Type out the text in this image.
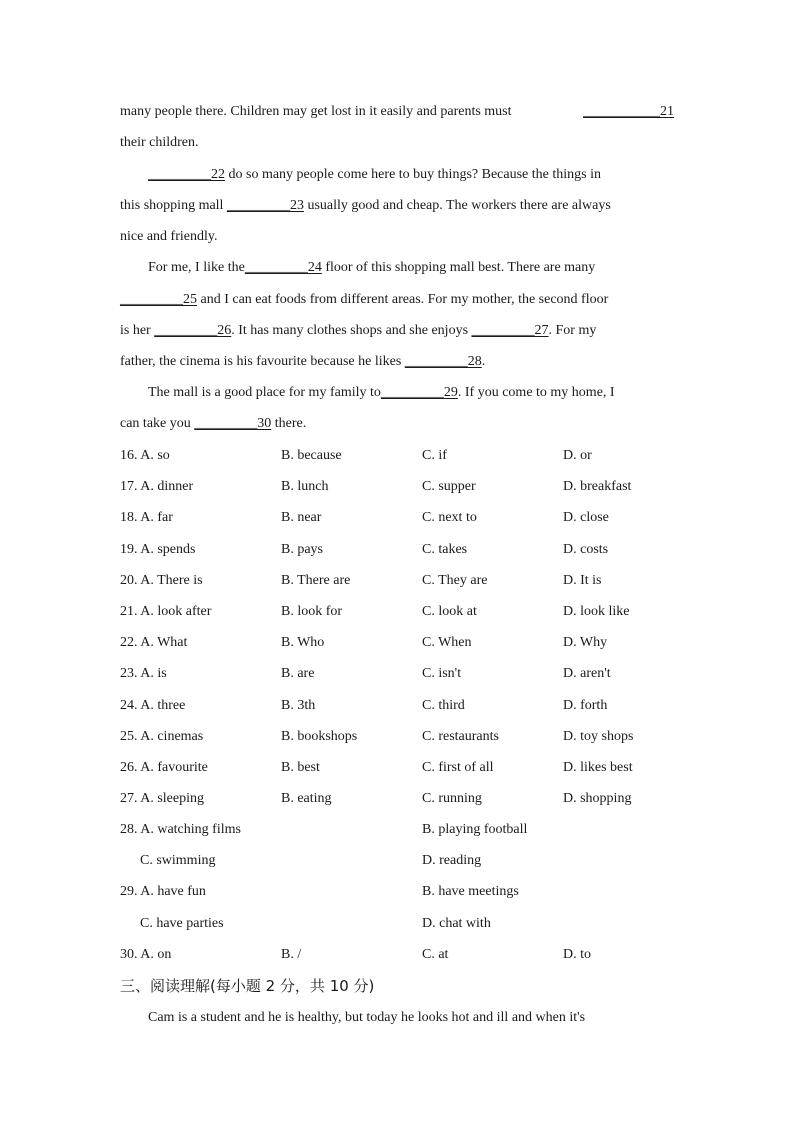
many people there. Children may get lost in it easily and parents must	___________21
their children.
_________22 do so many people come here to buy things? Because the things in
this shopping mall _________23 usually good and cheap. The workers there are always
nice and friendly.
For me, I like the_________24 floor of this shopping mall best. There are many
_________25 and I can eat foods from different areas. For my mother, the second floor
is her _________26. It has many clothes shops and she enjoys _________27. For my
father, the cinema is his favourite because he likes _________28.
The mall is a good place for my family to_________29. If you come to my home, I
can take you _________30 there.
16. A. so	B. because	C. if	D. or
17. A. dinner	B. lunch	C. supper	D. breakfast
18. A. far	B. near	C. next to	D. close
19. A. spends	B. pays	C. takes	D. costs
20. A. There is	B. There are	C. They are	D. It is
21. A. look after	B. look for	C. look at	D. look like
22. A. What	B. Who	C. When	D. Why
23. A. is	B. are	C. isn't	D. aren't
24. A. three	B. 3th	C. third	D. forth
25. A. cinemas	B. bookshops	C. restaurants	D. toy shops
26. A. favourite	B. best	C. first of all	D. likes best
27. A. sleeping	B. eating	C. running	D. shopping
28. A. watching films	B. playing football
C. swimming	D. reading
29. A. have fun	B. have meetings
C. have parties	D. chat with
30. A. on	B. /	C. at	D. to
三、阅读理解(每小题 2 分，共 10 分)
Cam is a student and he is healthy, but today he looks hot and ill and when it's
